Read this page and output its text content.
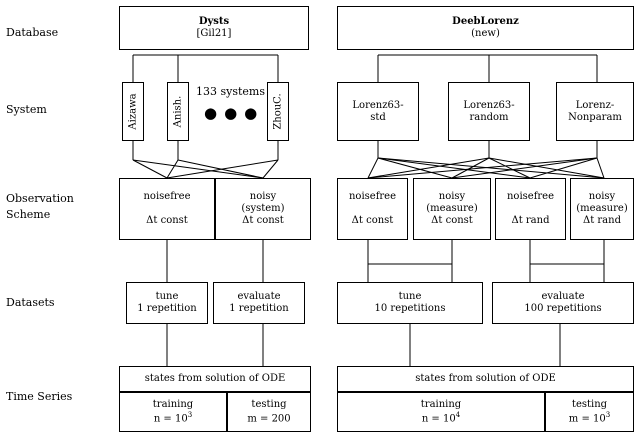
Database
System
Observation
Scheme
Datasets
Time Series
Dysts
[Gil21]
DeebLorenz
(new)
Aizawa	Anish.	ZhouC.
133 systems
●●●	Lorenz63-
std
Lorenz63-
random
Lorenz-
Nonparam
noisefree
Δt const
noisy
(system)
Δt const
noisefree
Δt const
noisy
(measure)
Δt const
noisefree
Δt rand
noisy
(measure)
Δt rand
tune
1 repetition
evaluate
1 repetition
tune
10 repetitions
evaluate
100 repetitions
states from solution of ODE
training
$n = 10^3$
testing
m = 200
states from solution of ODE
training
$n = 10^4$
testing
$m = 10^3$
